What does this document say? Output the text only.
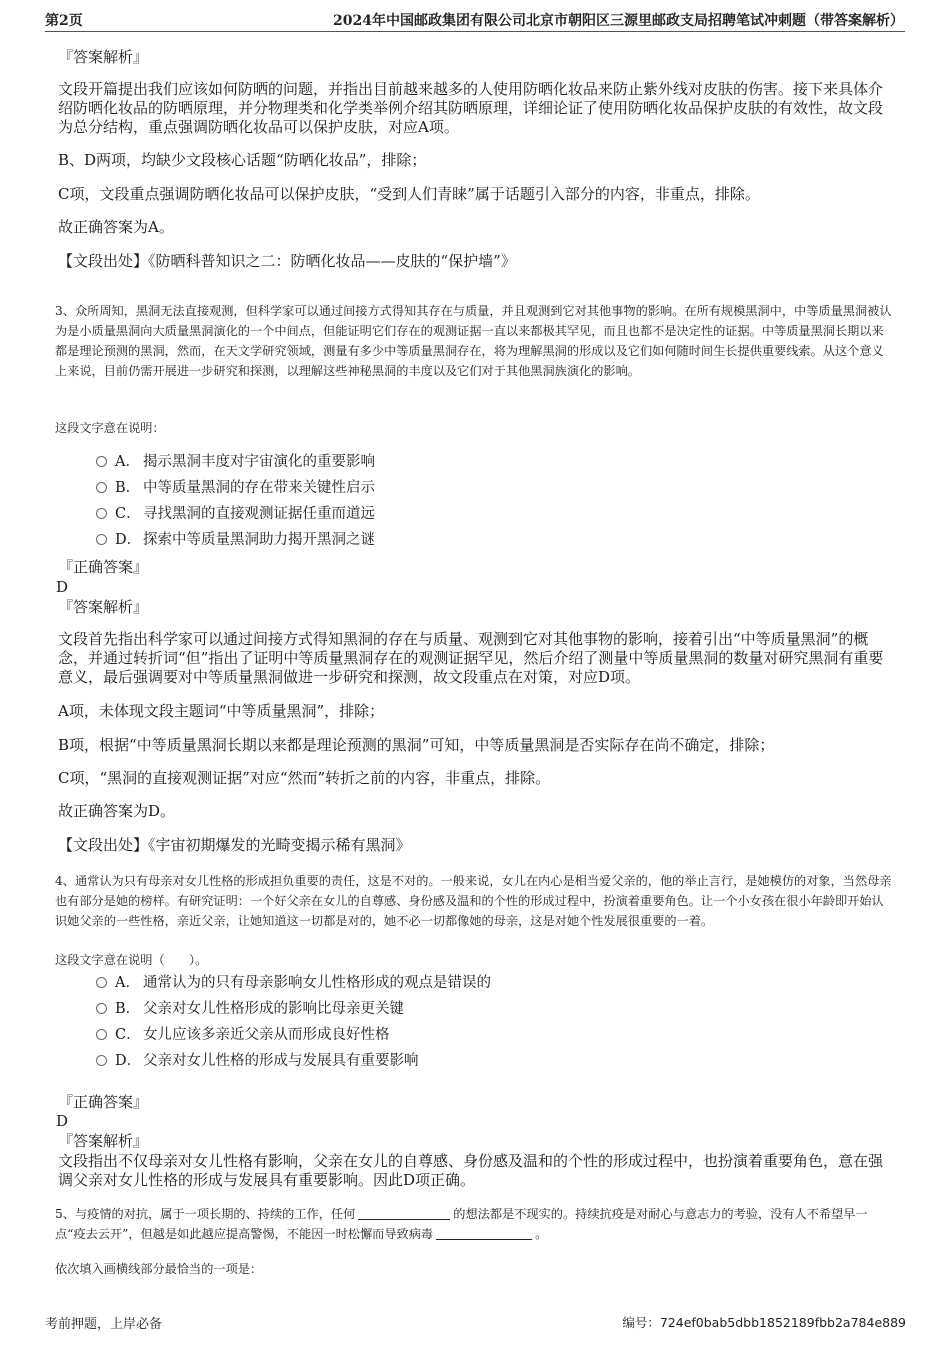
第2页	2024年中国邮政集团有限公司北京市朝阳区三源里邮政支局招聘笔试冲刺题（带答案解析）
『答案解析』
文段开篇提出我们应该如何防晒的问题，并指出目前越来越多的人使用防晒化妆品来防止紫外线对皮肤的伤害。接下来具体介绍防晒化妆品的防晒原理，并分物理类和化学类举例介绍其防晒原理，详细论证了使用防晒化妆品保护皮肤的有效性，故文段为总分结构，重点强调防晒化妆品可以保护皮肤，对应A项。
B、D两项，均缺少文段核心话题“防晒化妆品”，排除；
C项，文段重点强调防晒化妆品可以保护皮肤，“受到人们青睐”属于话题引入部分的内容，非重点，排除。
故正确答案为A。
【文段出处】《防晒科普知识之二：防晒化妆品——皮肤的“保护墙”》
3、众所周知，黑洞无法直接观测，但科学家可以通过间接方式得知其存在与质量，并且观测到它对其他事物的影响。在所有规模黑洞中，中等质量黑洞被认为是小质量黑洞向大质量黑洞演化的一个中间点，但能证明它们存在的观测证据一直以来都极其罕见，而且也都不是决定性的证据。中等质量黑洞长期以来都是理论预测的黑洞，然而，在天文学研究领域，测量有多少中等质量黑洞存在，将为理解黑洞的形成以及它们如何随时间生长提供重要线索。从这个意义上来说，目前仍需开展进一步研究和探测，以理解这些神秘黑洞的丰度以及它们对于其他黑洞族演化的影响。
这段文字意在说明：
A． 揭示黑洞丰度对宇宙演化的重要影响
B． 中等质量黑洞的存在带来关键性启示
C． 寻找黑洞的直接观测证据任重而道远
D． 探索中等质量黑洞助力揭开黑洞之谜
『正确答案』
D
『答案解析』
文段首先指出科学家可以通过间接方式得知黑洞的存在与质量、观测到它对其他事物的影响，接着引出“中等质量黑洞”的概念，并通过转折词“但”指出了证明中等质量黑洞存在的观测证据罕见，然后介绍了测量中等质量黑洞的数量对研究黑洞有重要意义，最后强调要对中等质量黑洞做进一步研究和探测，故文段重点在对策，对应D项。
A项，未体现文段主题词“中等质量黑洞”，排除；
B项，根据“中等质量黑洞长期以来都是理论预测的黑洞”可知，中等质量黑洞是否实际存在尚不确定，排除；
C项，“黑洞的直接观测证据”对应“然而”转折之前的内容，非重点，排除。
故正确答案为D。
【文段出处】《宇宙初期爆发的光畸变揭示稀有黑洞》
4、通常认为只有母亲对女儿性格的形成担负重要的责任，这是不对的。一般来说，女儿在内心是相当爱父亲的，他的举止言行，是她模仿的对象，当然母亲也有部分是她的榜样。有研究证明：一个好父亲在女儿的自尊感、身份感及温和的个性的形成过程中，扮演着重要角色。让一个小女孩在很小年龄即开始认识她父亲的一些性格，亲近父亲，让她知道这一切都是对的，她不必一切都像她的母亲，这是对她个性发展很重要的一着。
这段文字意在说明（　　）。
A． 通常认为的只有母亲影响女儿性格形成的观点是错误的
B． 父亲对女儿性格形成的影响比母亲更关键
C． 女儿应该多亲近父亲从而形成良好性格
D． 父亲对女儿性格的形成与发展具有重要影响
『正确答案』
D
『答案解析』
文段指出不仅母亲对女儿性格有影响，父亲在女儿的自尊感、身份感及温和的个性的形成过程中，也扮演着重要角色，意在强调父亲对女儿性格的形成与发展具有重要影响。因此D项正确。
5、与疫情的对抗，属于一项长期的、持续的工作，任何	的想法都是不现实的。持续抗疫是对耐心与意志力的考验，没有人不希望早一点“疫去云开”，但越是如此越应提高警惕，不能因一时松懈而导致病毒	。
依次填入画横线部分最恰当的一项是：
考前押题，上岸必备	编号：724ef0bab5dbb1852189fbb2a784e889
